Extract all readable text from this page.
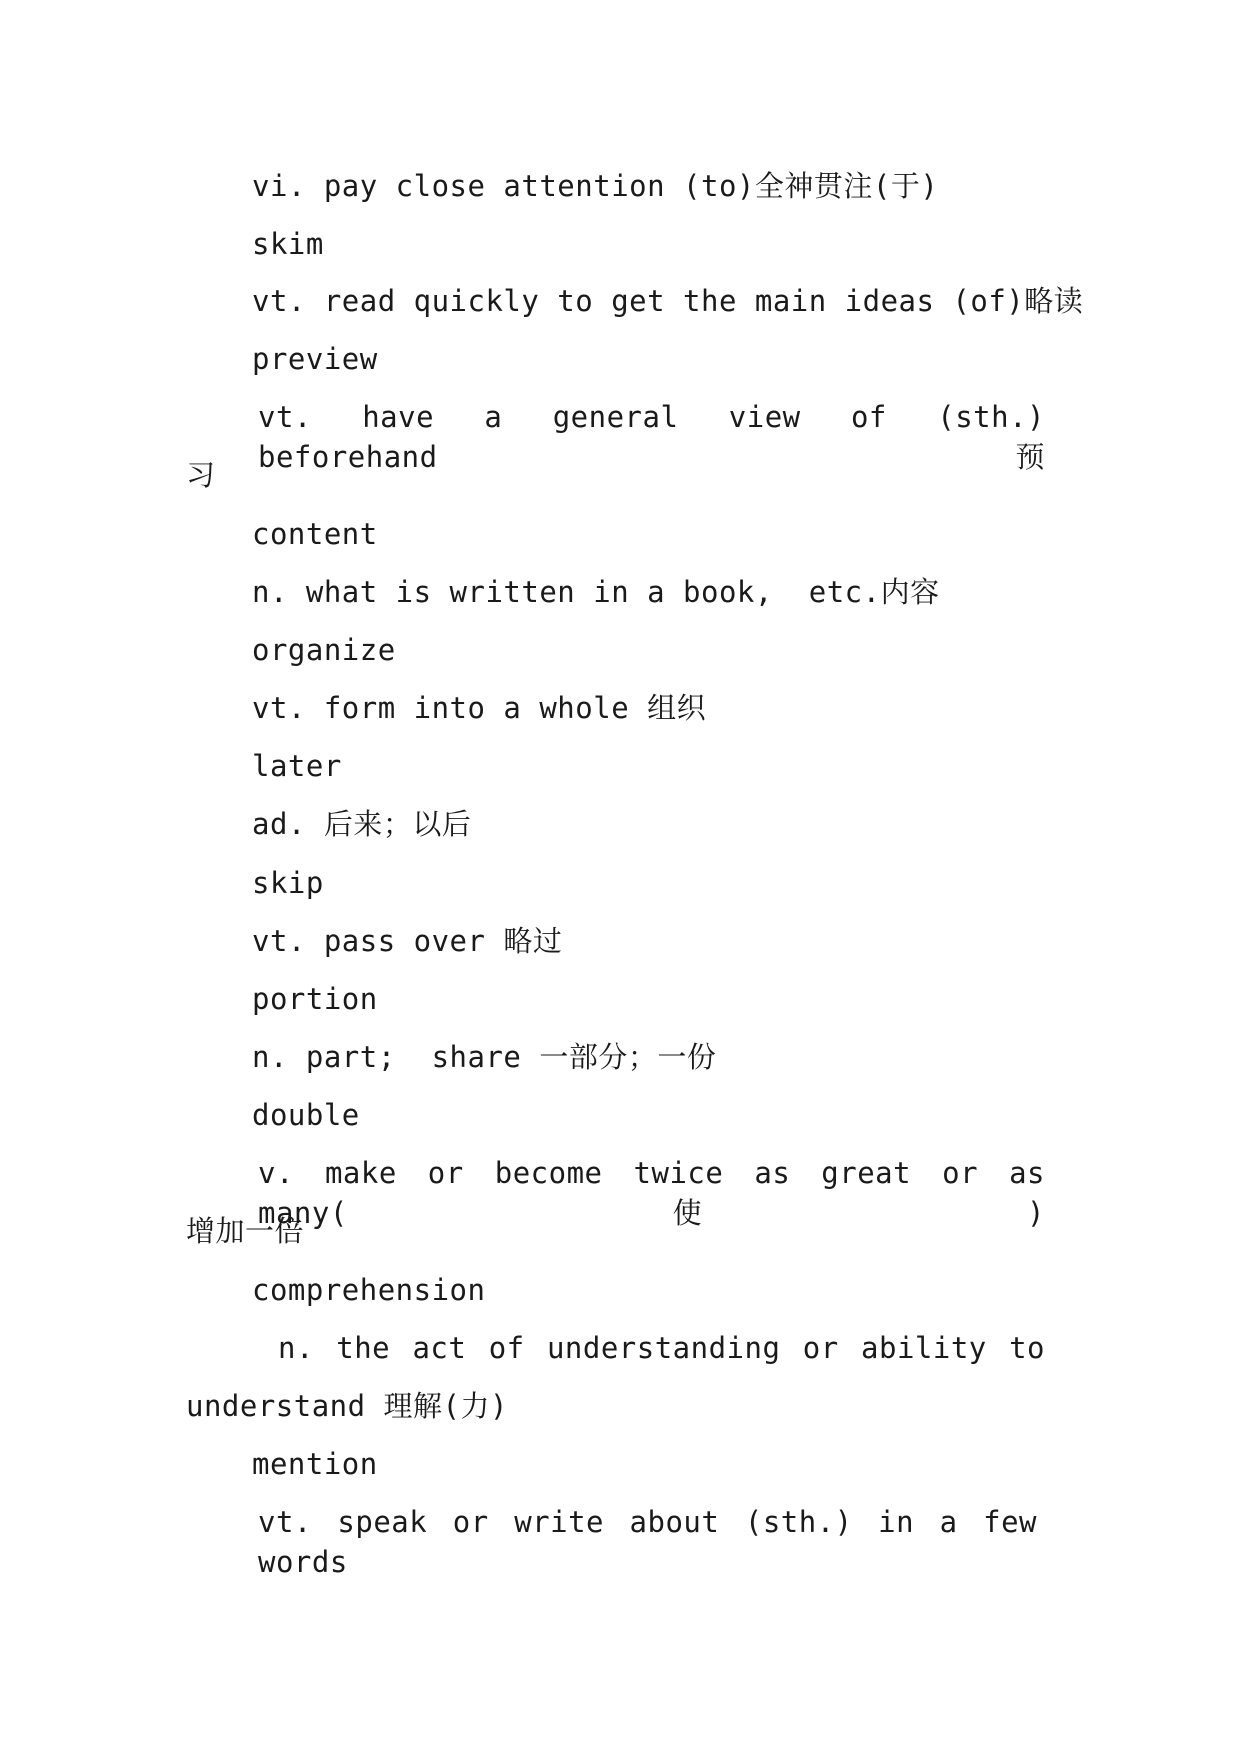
vi. pay close attention (to)全神贯注(于)
skim
vt. read quickly to get the main ideas (of)略读
preview
vt. have a general view of (sth.) beforehand 预
习
content
n. what is written in a book,  etc.内容
organize
vt. form into a whole 组织
later
ad. 后来；以后
skip
vt. pass over 略过
portion
n. part;  share 一部分；一份
double
v. make or become twice as great or as many(使)
增加一倍
comprehension
n. the act of understanding or ability to
understand 理解(力)
mention
vt. speak or write about (sth.) in a few words
